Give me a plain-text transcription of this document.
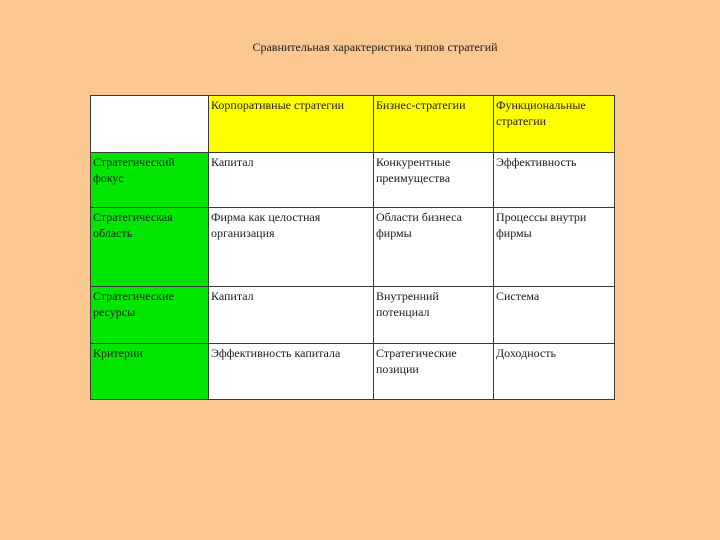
Сравнительная характеристика типов стратегий
	Корпоративные стратегии	Бизнес-стратегии	Функциональные стратегии
Стратегический фокус	Капитал	Конкурентные преимущества	Эффективность
Стратегическая область	Фирма как целостная организация	Области бизнеса фирмы	Процессы внутри фирмы
Стратегические ресурсы	Капитал	Внутренний потенциал	Система
Критерии	Эффективность капитала	Стратегические позиции	Доходность
